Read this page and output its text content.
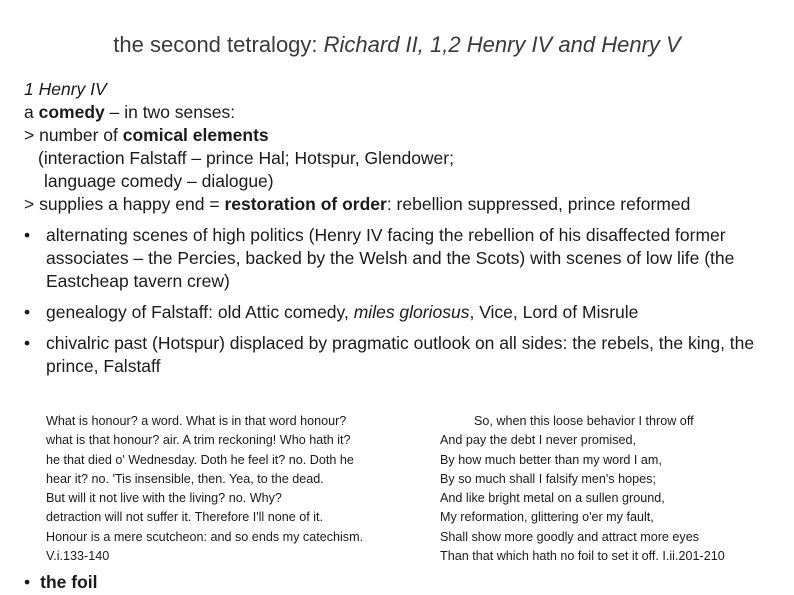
the second tetralogy: Richard II, 1,2 Henry IV and Henry V
1 Henry IV
a comedy – in two senses:
> number of comical elements
(interaction Falstaff – prince Hal; Hotspur, Glendower;
language comedy – dialogue)
> supplies a happy end = restoration of order: rebellion suppressed, prince reformed
• alternating scenes of high politics (Henry IV facing the rebellion of his disaffected former associates – the Percies, backed by the Welsh and the Scots) with scenes of low life (the Eastcheap tavern crew)
• genealogy of Falstaff: old Attic comedy, miles gloriosus, Vice, Lord of Misrule
• chivalric past (Hotspur) displaced by pragmatic outlook on all sides: the rebels, the king, the prince, Falstaff
What is honour? a word. What is in that word honour?
what is that honour? air. A trim reckoning! Who hath it?
he that died o' Wednesday. Doth he feel it? no. Doth he
hear it? no. 'Tis insensible, then. Yea, to the dead.
But will it not live with the living? no. Why?
detraction will not suffer it. Therefore I'll none of it.
Honour is a mere scutcheon: and so ends my catechism.
V.i.133-140
So, when this loose behavior I throw off
And pay the debt I never promised,
By how much better than my word I am,
By so much shall I falsify men's hopes;
And like bright metal on a sullen ground,
My reformation, glittering o'er my fault,
Shall show more goodly and attract more eyes
Than that which hath no foil to set it off. I.ii.201-210
• the foil
